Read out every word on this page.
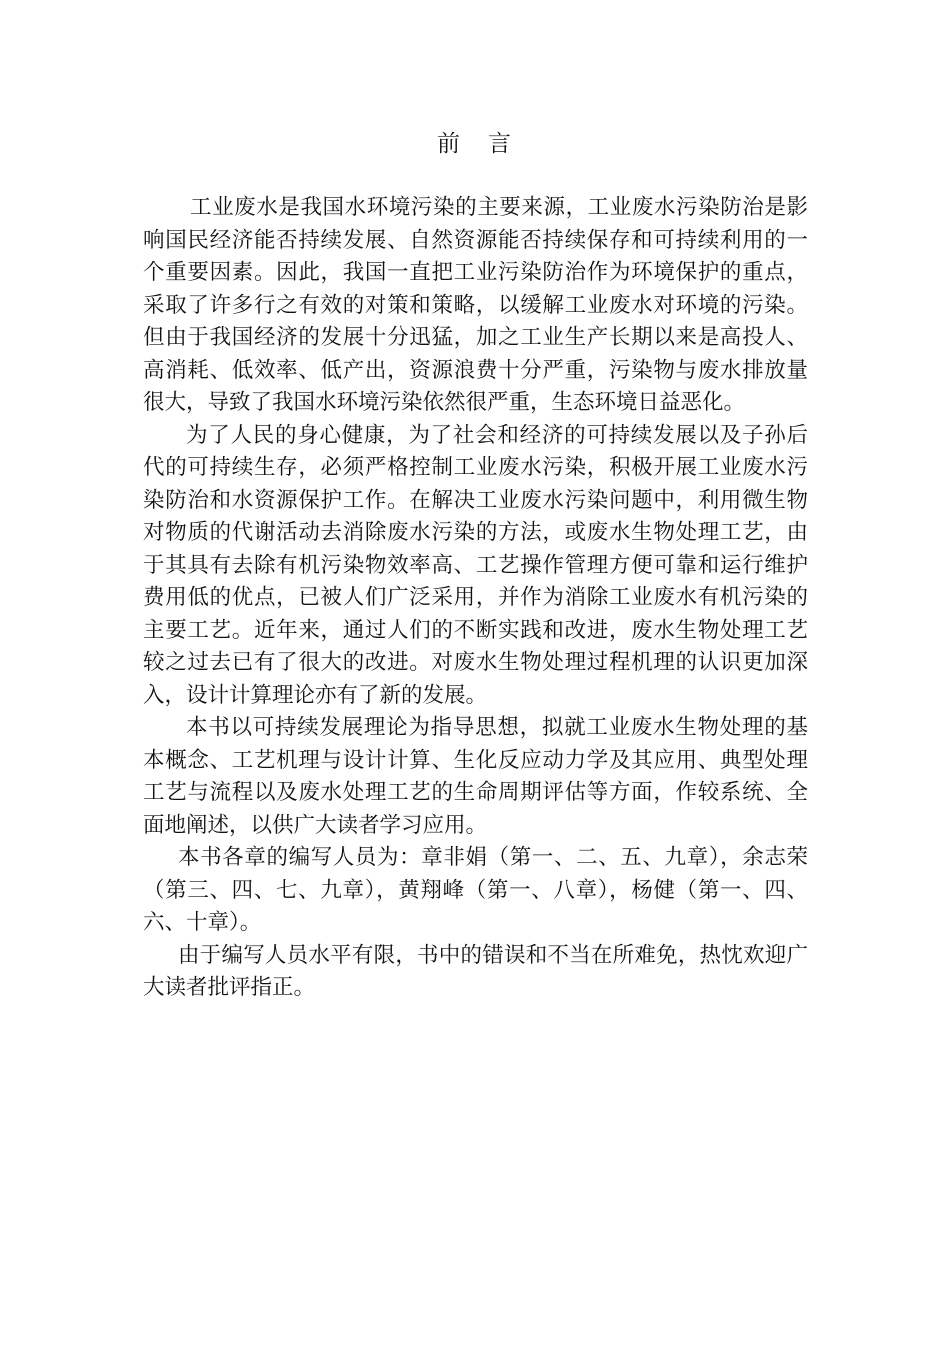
前 言

工业废水是我国水环境污染的主要来源，工业废水污染防治是影响国民经济能否持续发展、自然资源能否持续保存和可持续利用的一个重要因素。因此，我国一直把工业污染防治作为环境保护的重点，采取了许多行之有效的对策和策略，以缓解工业废水对环境的污染。但由于我国经济的发展十分迅猛，加之工业生产长期以来是高投人、高消耗、低效率、低产出，资源浪费十分严重，污染物与废水排放量很大，导致了我国水环境污染依然很严重，生态环境日益恶化。

为了人民的身心健康，为了社会和经济的可持续发展以及子孙后代的可持续生存，必须严格控制工业废水污染，积极开展工业废水污染防治和水资源保护工作。在解决工业废水污染问题中，利用微生物对物质的代谢活动去消除废水污染的方法，或废水生物处理工艺，由于其具有去除有机污染物效率高、工艺操作管理方便可靠和运行维护费用低的优点，已被人们广泛采用，并作为消除工业废水有机污染的主要工艺。近年来，通过人们的不断实践和改进，废水生物处理工艺较之过去已有了很大的改进。对废水生物处理过程机理的认识更加深入，设计计算理论亦有了新的发展。

本书以可持续发展理论为指导思想，拟就工业废水生物处理的基本概念、工艺机理与设计计算、生化反应动力学及其应用、典型处理工艺与流程以及废水处理工艺的生命周期评估等方面，作较系统、全面地阐述，以供广大读者学习应用。

本书各章的编写人员为：章非娟（第一、二、五、九章），余志荣（第三、四、七、九章），黄翔峰（第一、八章），杨健（第一、四、六、十章）。

由于编写人员水平有限，书中的错误和不当在所难免，热忱欢迎广大读者批评指正。
